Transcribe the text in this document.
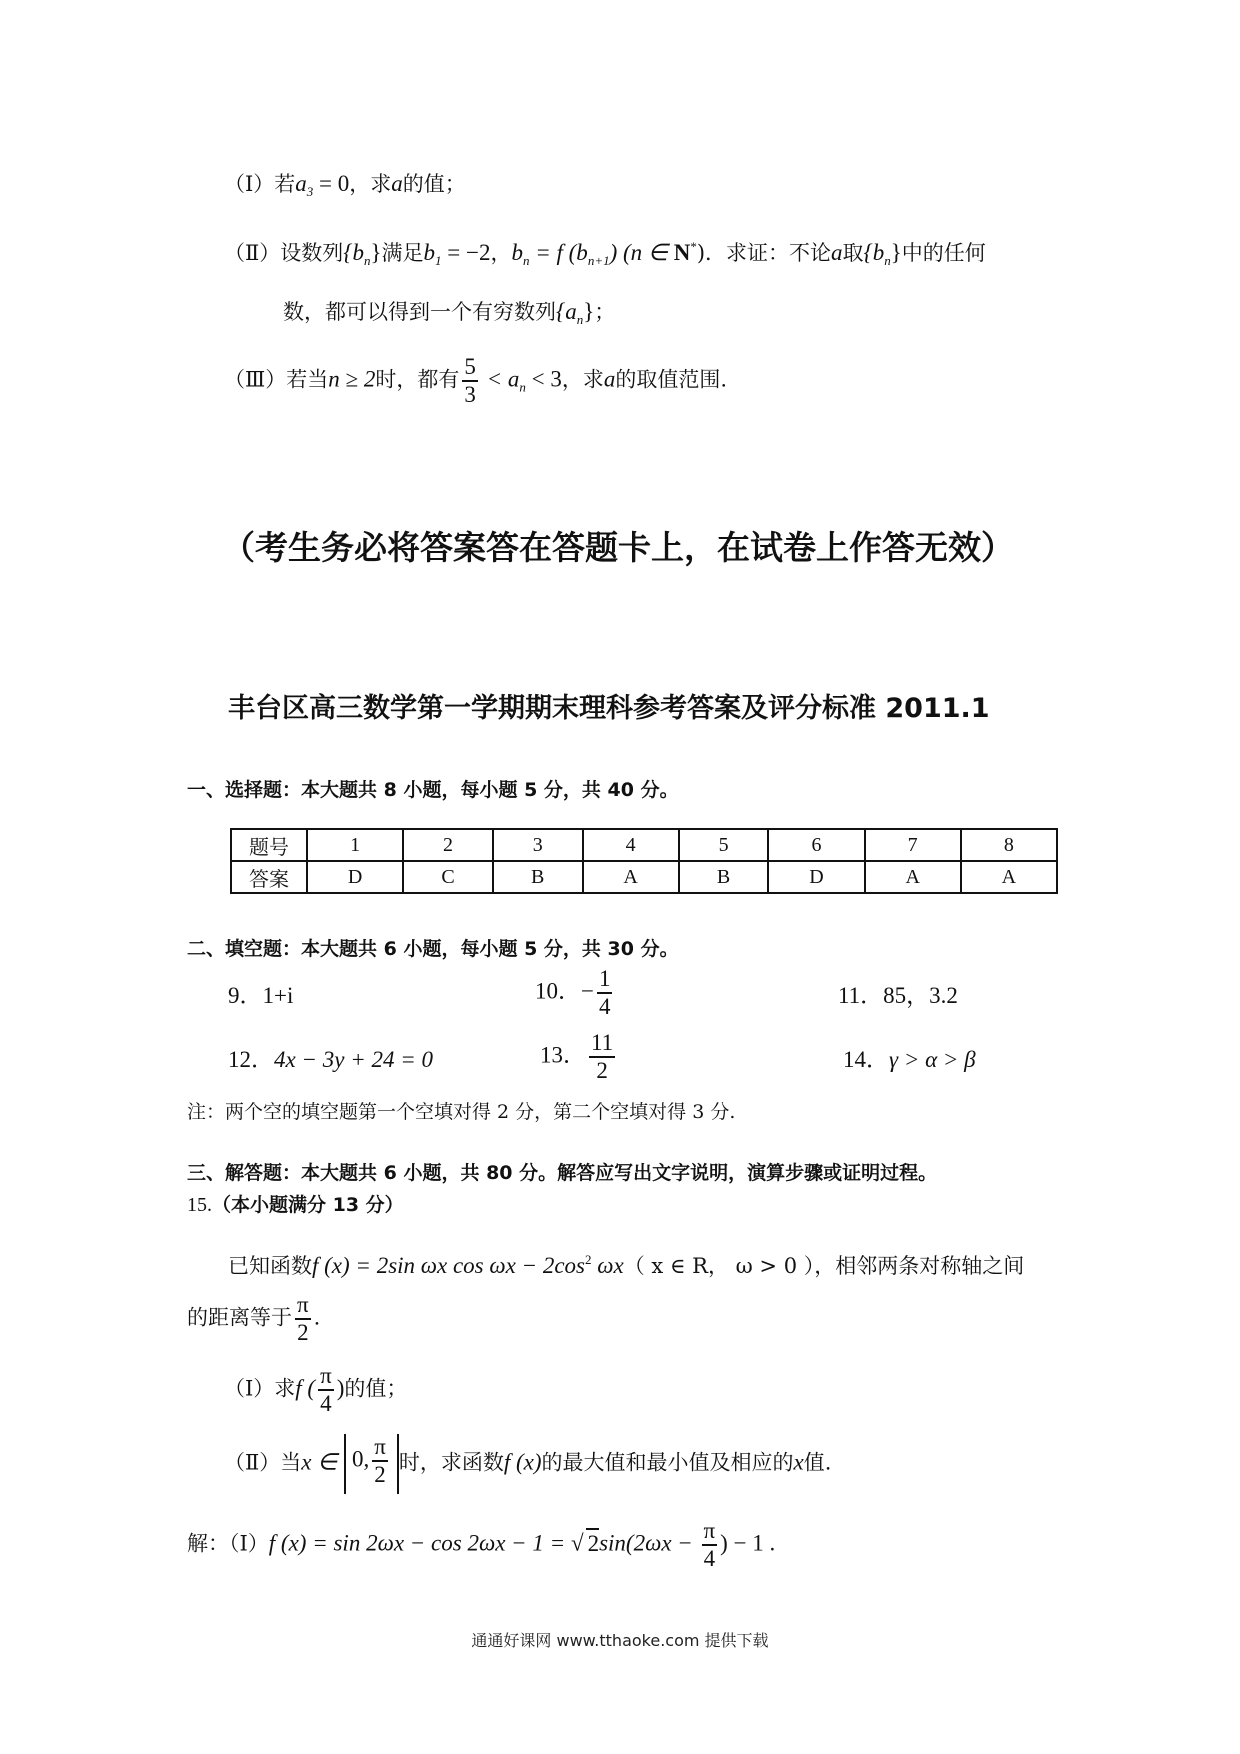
（Ⅰ）若$a_3 = 0$，求a的值；
（Ⅱ）设数列$\{b_n\}$满足$b_1 = -2$，$b_n = f$ $(b_{n+1})$ (n ∈ N*)．求证：不论a取$\{b_n\}$中的任何
数，都可以得到一个有穷数列$\{a_n\}$；
（Ⅲ）若当n ≥ 2时，都有 $\frac{5}{3} < a_n < 3$，求a的取值范围.
（考生务必将答案答在答题卡上，在试卷上作答无效）
丰台区高三数学第一学期期末理科参考答案及评分标准 2011.1
一、选择题：本大题共 8 小题，每小题 5 分，共 40 分。
题号	1	2	3	4	5	6	7	8
答案	D	C	B	A	B	D	A	A
二、填空题：本大题共 6 小题，每小题 5 分，共 30 分。
9．1+i	10．− $\frac{1}{4}$	11．85，3.2
12．4x − 3y + 24 = 0	13． $\frac{11}{2}$	14．γ > α > β
注：两个空的填空题第一个空填对得 2 分，第二个空填对得 3 分.
三、解答题：本大题共 6 小题，共 80 分。解答应写出文字说明，演算步骤或证明过程。
15.（本小题满分 13 分）
已知函数f (x) = 2sin ωx $\cos \omega x - 2\cos^2$ ωx（ x ∈ R， ω > 0 ），相邻两条对称轴之间
的距离等于 $\frac{\pi}{2}$ .
（Ⅰ）求f ( $\frac{\pi}{4}$ )的值；
（Ⅱ）当x ∈ 0, $\frac{\pi}{2}$ 时，求函数f (x)的最大值和最小值及相应的x值.
解：（Ⅰ）f (x) = sin 2ωx − cos 2ωx − 1 = √ $2\sin(2\omega x - \frac{\pi}{4}$ ) − 1 .
通通好课网 www.tthaoke.com 提供下载
